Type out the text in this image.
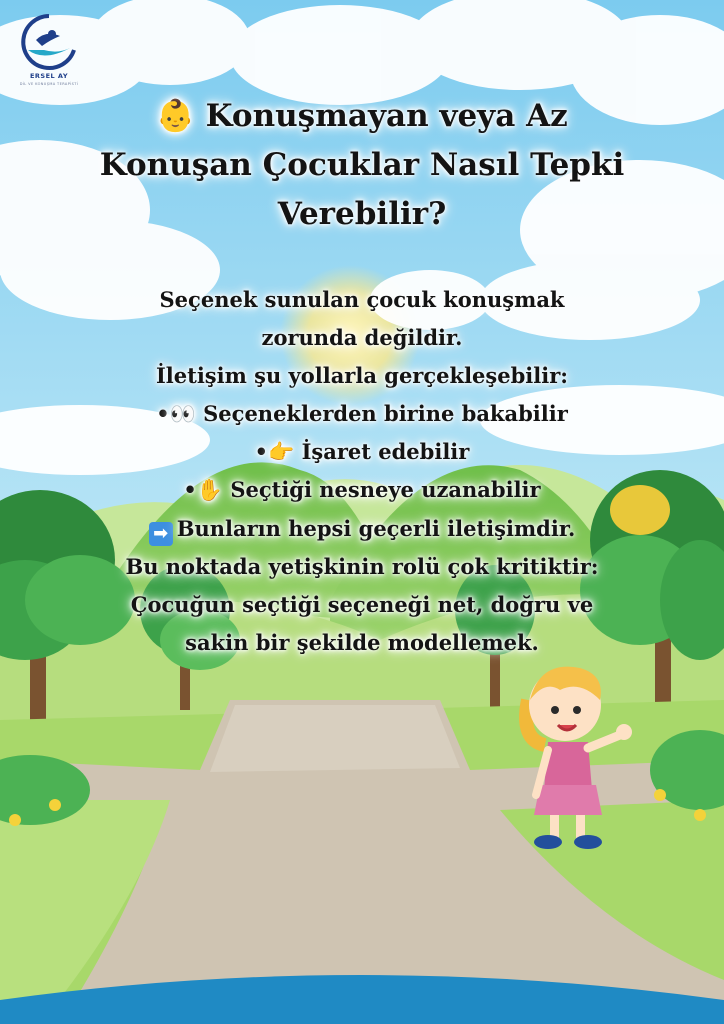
ERSEL AY
DİL VE KONUŞMA TERAPİSTİ
👶 Konuşmayan veya Az
Konuşan Çocuklar Nasıl Tepki
Verebilir?
Seçenek sunulan çocuk konuşmak
zorunda değildir.
İletişim şu yollarla gerçekleşebilir:
•👀 Seçeneklerden birine bakabilir
•👉 İşaret edebilir
•✋ Seçtiği nesneye uzanabilir
➡ Bunların hepsi geçerli iletişimdir.
Bu noktada yetişkinin rolü çok kritiktir:
Çocuğun seçtiği seçeneği net, doğru ve
sakin bir şekilde modellemek.
